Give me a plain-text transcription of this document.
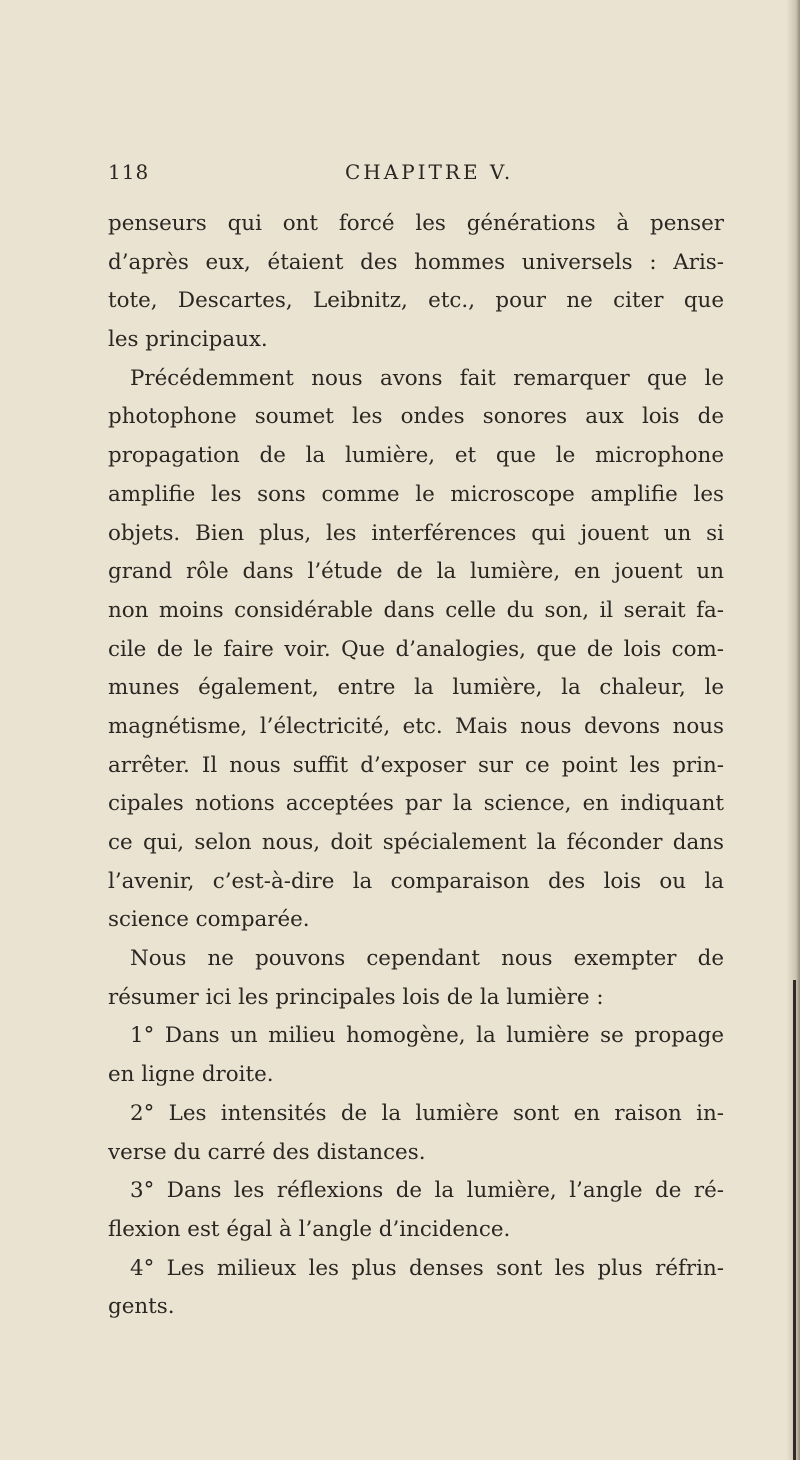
118	CHAPITRE V.
penseurs qui ont forcé les générations à penser
d’après eux, étaient des hommes universels : Aris-
tote, Descartes, Leibnitz, etc., pour ne citer que
les principaux.
Précédemment nous avons fait remarquer que le
photophone soumet les ondes sonores aux lois de
propagation de la lumière, et que le microphone
amplifie les sons comme le microscope amplifie les
objets. Bien plus, les interférences qui jouent un si
grand rôle dans l’étude de la lumière, en jouent un
non moins considérable dans celle du son, il serait fa-
cile de le faire voir. Que d’analogies, que de lois com-
munes également, entre la lumière, la chaleur, le
magnétisme, l’électricité, etc. Mais nous devons nous
arrêter. Il nous suffit d’exposer sur ce point les prin-
cipales notions acceptées par la science, en indiquant
ce qui, selon nous, doit spécialement la féconder dans
l’avenir, c’est-à-dire la comparaison des lois ou la
science comparée.
Nous ne pouvons cependant nous exempter de
résumer ici les principales lois de la lumière :
1° Dans un milieu homogène, la lumière se propage
en ligne droite.
2° Les intensités de la lumière sont en raison in-
verse du carré des distances.
3° Dans les réflexions de la lumière, l’angle de ré-
flexion est égal à l’angle d’incidence.
4° Les milieux les plus denses sont les plus réfrin-
gents.
